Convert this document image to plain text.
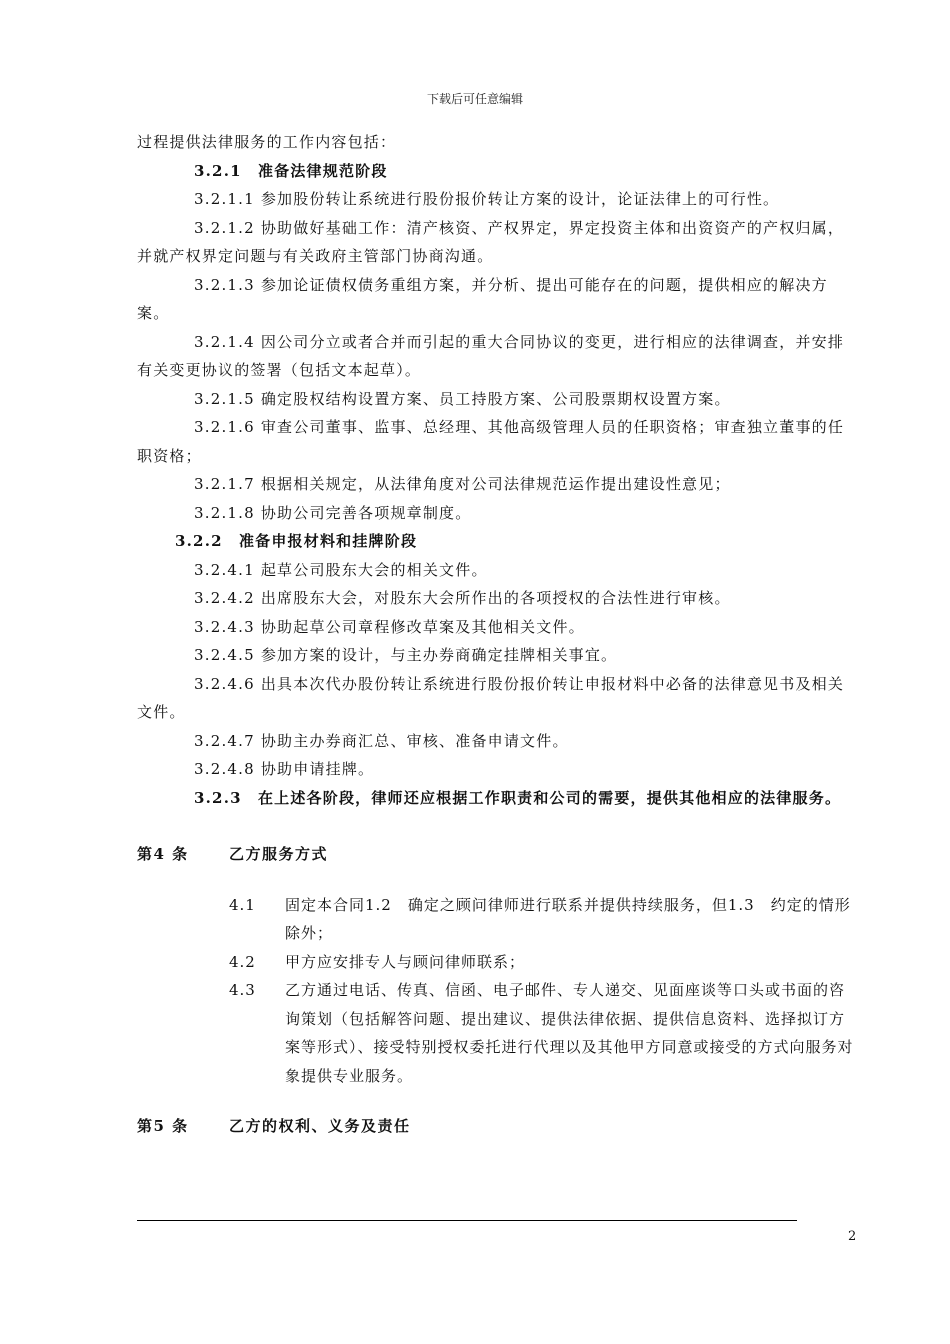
下载后可任意编辑

过程提供法律服务的工作内容包括：

3.2.1　准备法律规范阶段

3.2.1.1 参加股份转让系统进行股份报价转让方案的设计，论证法律上的可行性。

3.2.1.2 协助做好基础工作：清产核资、产权界定，界定投资主体和出资资产的产权归属，并就产权界定问题与有关政府主管部门协商沟通。

3.2.1.3 参加论证债权债务重组方案，并分析、提出可能存在的问题，提供相应的解决方案。

3.2.1.4 因公司分立或者合并而引起的重大合同协议的变更，进行相应的法律调查，并安排有关变更协议的签署（包括文本起草）。

3.2.1.5 确定股权结构设置方案、员工持股方案、公司股票期权设置方案。

3.2.1.6 审查公司董事、监事、总经理、其他高级管理人员的任职资格；审查独立董事的任职资格；

3.2.1.7 根据相关规定，从法律角度对公司法律规范运作提出建设性意见；

3.2.1.8 协助公司完善各项规章制度。

3.2.2　准备申报材料和挂牌阶段

3.2.4.1 起草公司股东大会的相关文件。

3.2.4.2 出席股东大会，对股东大会所作出的各项授权的合法性进行审核。

3.2.4.3 协助起草公司章程修改草案及其他相关文件。

3.2.4.5 参加方案的设计，与主办券商确定挂牌相关事宜。

3.2.4.6 出具本次代办股份转让系统进行股份报价转让申报材料中必备的法律意见书及相关文件。

3.2.4.7 协助主办券商汇总、审核、准备申请文件。

3.2.4.8 协助申请挂牌。

3.2.3　在上述各阶段，律师还应根据工作职责和公司的需要，提供其他相应的法律服务。

第4 条	乙方服务方式
4.1	固定本合同1.2　确定之顾问律师进行联系并提供持续服务，但1.3　约定的情形除外；
4.2	甲方应安排专人与顾问律师联系；
4.3	乙方通过电话、传真、信函、电子邮件、专人递交、见面座谈等口头或书面的咨询策划（包括解答问题、提出建议、提供法律依据、提供信息资料、选择拟订方案等形式）、接受特别授权委托进行代理以及其他甲方同意或接受的方式向服务对象提供专业服务。
第5 条	乙方的权利、义务及责任
2
